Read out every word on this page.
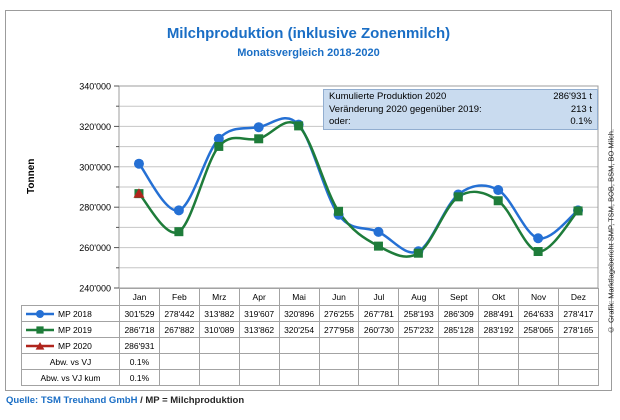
Milchproduktion (inklusive Zonenmilch)
Monatsvergleich 2018-2020
Tonnen
240'000
260'000
280'000
300'000
320'000
340'000
Kumulierte Produktion 2020	286'931 t
Veränderung 2020 gegenüber 2019:	213 t
oder:	0.1%
	Jan	Feb	Mrz	Apr	Mai	Jun	Jul	Aug	Sept	Okt	Nov	Dez

MP 2018	301'529	278'442	313'882	319'607	320'896	276'255	267'781	258'193	286'309	288'491	264'633	278'417

MP 2019	286'718	267'882	310'089	313'862	320'254	277'958	260'730	257'232	285'128	283'192	258'065	278'165

MP 2020	286'931											
Abw. vs VJ	0.1%											
Abw. vs VJ kum	0.1%											
© Grafik: Marktlagebericht SMP, TSM, BOB, BSM, BO Milch.
Quelle: TSM Treuhand GmbH / MP = Milchproduktion
